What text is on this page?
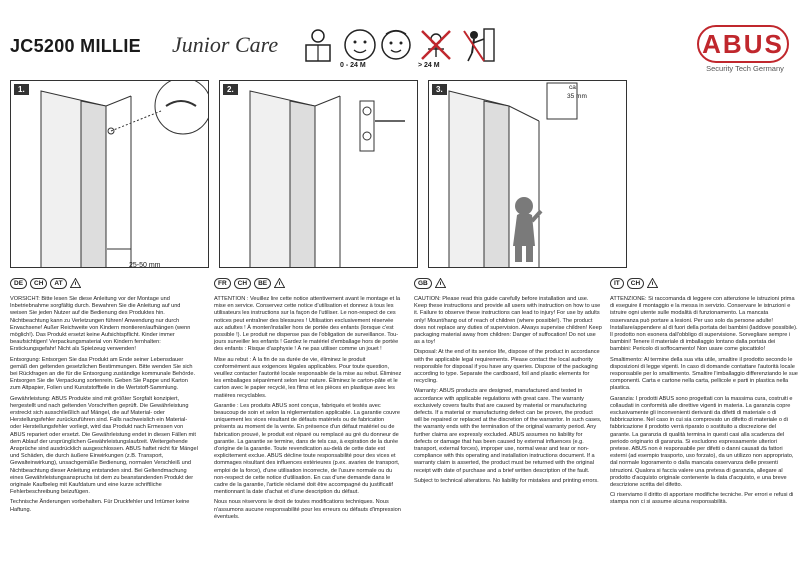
JC5200 MILLIE Junior Care
0 - 24 M	> 24 M
ABUS
Security Tech Germany
1.
25-50 mm
2.	3.	ca.
35 mm
DE	CH	AT	FR	CH	BE	GB	IT	CH

VORSICHT: Bitte lesen Sie diese Anleitung vor der Montage und Inbetriebnahme sorgfältig durch. Bewahren Sie die Anleitung auf und weisen Sie jeden Nutzer auf die Bedienung des Produktes hin. Nichtbeachtung kann zu Verletzungen führen! Anwendung nur durch Erwachsene! Außer Reichweite von Kindern montieren/aufhängen (wenn möglich!). Das Produkt ersetzt keine Aufsichtspflicht. Kinder immer beaufsichtigen! Verpackungsmaterial von Kindern fernhalten: Erstickungsgefahr! Nicht als Spielzeug verwenden!

Entsorgung: Entsorgen Sie das Produkt am Ende seiner Lebensdauer gemäß den geltenden gesetzlichen Bestimmungen. Bitte wenden Sie sich bei Rückfragen an die für die Entsorgung zuständige kommunale Behörde. Entsorgen Sie die Verpackung sortenrein. Geben Sie Pappe und Karton zum Altpapier, Folien und Kunststoffteile in die Wertstoff-Sammlung.

Gewährleistung: ABUS Produkte sind mit größter Sorgfalt konzipiert, hergestellt und nach geltenden Vorschriften geprüft. Die Gewährleistung erstreckt sich ausschließlich auf Mängel, die auf Material- oder Herstellungsfehler zurückzuführen sind. Falls nachweislich ein Material- oder Herstellungsfehler vorliegt, wird das Produkt nach Ermessen von ABUS repariert oder ersetzt. Die Gewährleistung endet in diesen Fällen mit dem Ablauf der ursprünglichen Gewährleistungslaufzeit. Weitergehende Ansprüche sind ausdrücklich ausgeschlossen. ABUS haftet nicht für Mängel und Schäden, die durch äußere Einwirkungen (z.B. Transport, Gewalteinwirkung), unsachgemäße Bedienung, normalen Verschleiß und Nichtbeachtung dieser Anleitung entstanden sind. Bei Geltendmachung eines Gewährleistungsanspruchs ist dem zu beanstandenden Produkt der originale Kaufbeleg mit Kaufdatum und eine kurze schriftliche Fehlerbeschreibung beizufügen.

Technische Änderungen vorbehalten. Für Druckfehler und Irrtümer keine Haftung.

ATTENTION : Veuillez lire cette notice attentivement avant le montage et la mise en service. Conservez cette notice d'utilisation et donnez à tous les utilisateurs les instructions sur la façon de l'utiliser. Le non-respect de ces notices peut entraîner des blessures ! Utilisation exclusivement réservée aux adultes ! À monter/installer hors de portée des enfants (lorsque c'est possible !). Le produit ne dispense pas de l'obligation de surveillance. Tou- jours surveiller les enfants ! Gardez le matériel d'emballage hors de portée des enfants : Risque d'asphyxie ! À ne pas utiliser comme un jouet !

Mise au rebut : À la fin de sa durée de vie, éliminez le produit conformément aux exigences légales applicables. Pour toute question, veuillez contacter l'autorité locale responsable de la mise au rebut. Éliminez les emballages séparément selon leur nature. Éliminez le carton-pâte et le carton avec le papier recyclé, les films et les pièces en plastique avec les matières recyclables.

Garantie : Les produits ABUS sont conçus, fabriqués et testés avec beaucoup de soin et selon la réglementation applicable. La garantie couvre uniquement les vices résultant de défauts matériels ou de fabrication présents au moment de la vente. En présence d'un défaut matériel ou de fabrication prouvé, le produit est réparé ou remplacé au gré du donneur de garantie. La garantie se termine, dans de tels cas, à expiration de la durée d'origine de la garantie. Toute revendication au-delà de cette date est explicitement exclue. ABUS décline toute responsabilité pour des vices et dommages résultant des influences extérieures (p.ex. avaries de transport, emploi de la force), d'une utilisation incorrecte, de l'usure normale ou du non-respect de cette notice d'utilisation. En cas d'une demande dans le cadre de la garantie, l'article réclamé doit être accompagné du justificatif mentionnant la date d'achat et d'une description du défaut.

Nous nous réservons le droit de toutes modifications techniques. Nous n'assumons aucune responsabilité pour les erreurs ou défauts d'impression éventuels.

CAUTION: Please read this guide carefully before installation and use. Keep these instructions and provide all users with instruction on how to use it. Failure to observe these instructions can lead to injury! For use by adults only! Mount/hang out of reach of children (where possible!). The product does not replace any duties of supervision. Always supervise children! Keep packaging material away from children: Danger of suffocation! Do not use as a toy!

Disposal: At the end of its service life, dispose of the product in accordance with the applicable legal requirements. Please contact the local authority responsible for disposal if you have any queries. Dispose of the packaging according to type. Separate the cardboard, foil and plastic elements for recycling.

Warranty: ABUS products are designed, manufactured and tested in accordance with applicable regulations with great care. The warranty exclusively covers faults that are caused by material or manufacturing defects. If a material or manufacturing defect can be proven, the product will be repaired or replaced at the discretion of the warrantor. In such cases, the warranty ends with the termination of the original warranty period. Any further claims are expressly excluded. ABUS assumes no liability for defects or damage that has been caused by external influences (e.g. transport, external forces), improper use, normal wear and tear or non-compliance with this operating and installation instructions document. If a warranty claim is asserted, the product must be returned with the original receipt with date of purchase and a brief written description of the fault.

Subject to technical alterations. No liability for mistakes and printing errors.

ATTENZIONE: Si raccomanda di leggere con attenzione le istruzioni prima di eseguire il montaggio e la messa in servizio. Conservare le istruzioni e istruire ogni utente sulle modalità di funzionamento. La mancata osservanza può portare a lesioni. Per uso solo da persone adulte! Installare/appendere al di fuori della portata dei bambini (laddove possibile). Il prodotto non esonera dall'obbligo di supervisione. Sorvegliare sempre i bambini! Tenere il materiale di imballaggio lontano dalla portata dei bambini: Pericolo di soffocamento! Non usare come giocattolo!

Smaltimento: Al termine della sua vita utile, smaltire il prodotto secondo le disposizioni di legge vigenti. In caso di domande contattare l'autorità locale responsabile per lo smaltimento. Smaltire l'imballaggio differenziando le sue componenti. Carta e cartone nella carta, pellicole e parti in plastica nella plastica.

Garanzia: I prodotti ABUS sono progettati con la massima cura, costruiti e collaudati in conformità alle direttive vigenti in materia. La garanzia copre esclusivamente gli inconvenienti derivanti da difetti di materiale o di fabbricazione. Nel caso in cui sia comprovato un difetto di materiale o di fabbricazione il prodotto verrà riparato o sostituito a discrezione del garante. La garanzia di qualità termina in questi casi alla scadenza del periodo originario di garanzia. Si escludono espressamente ulteriori pretese. ABUS non è responsabile per difetti o danni causati da fattori esterni (ad esempio trasporto, uso forzato), da un utilizzo non appropriato, dal normale logoramento o dalla mancata osservanza delle presenti istruzioni. Qualora si faccia valere una pretesa di garanzia, allegare al prodotto d'acquisto originale contenente la data d'acquisto, e una breve descrizione scritta del difetto.

Ci riserviamo il diritto di apportare modifiche tecniche. Per errori e refusi di stampa non ci si assume alcuna responsabilità.
